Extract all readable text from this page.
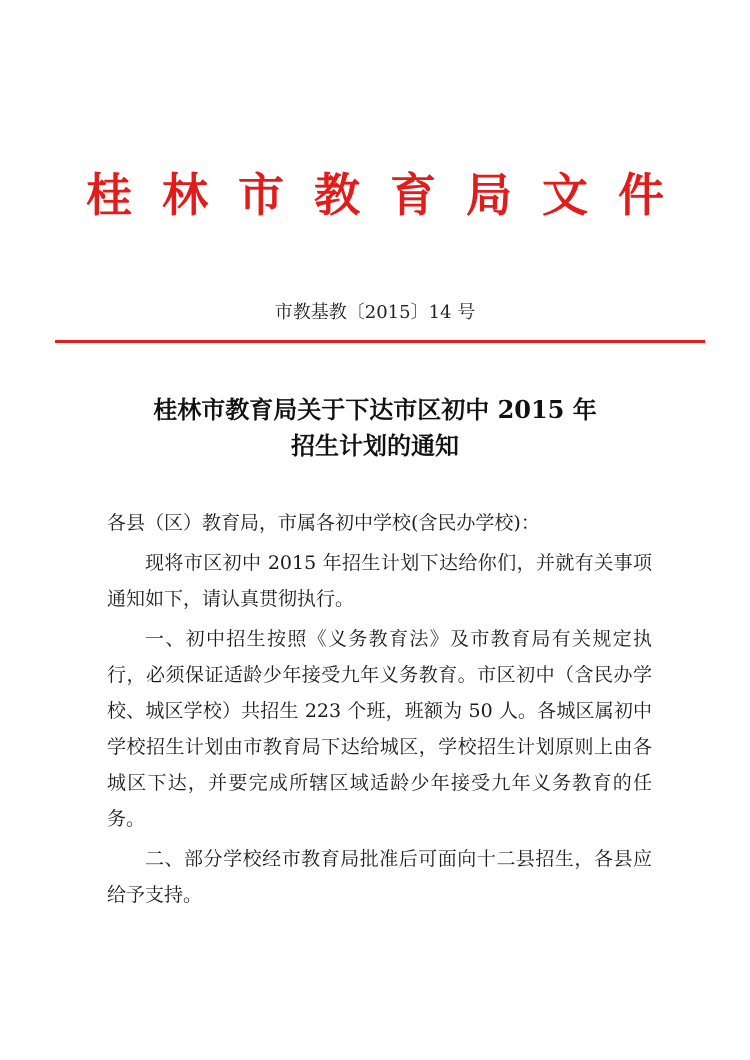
桂林市教育局文件
市教基教〔2015〕14 号
桂林市教育局关于下达市区初中 2015 年
招生计划的通知

各县（区）教育局，市属各初中学校(含民办学校)：

现将市区初中 2015 年招生计划下达给你们，并就有关事项通知如下，请认真贯彻执行。

一、初中招生按照《义务教育法》及市教育局有关规定执行，必须保证适龄少年接受九年义务教育。市区初中（含民办学校、城区学校）共招生 223 个班，班额为 50 人。各城区属初中学校招生计划由市教育局下达给城区，学校招生计划原则上由各城区下达，并要完成所辖区域适龄少年接受九年义务教育的任务。

二、部分学校经市教育局批准后可面向十二县招生，各县应给予支持。
